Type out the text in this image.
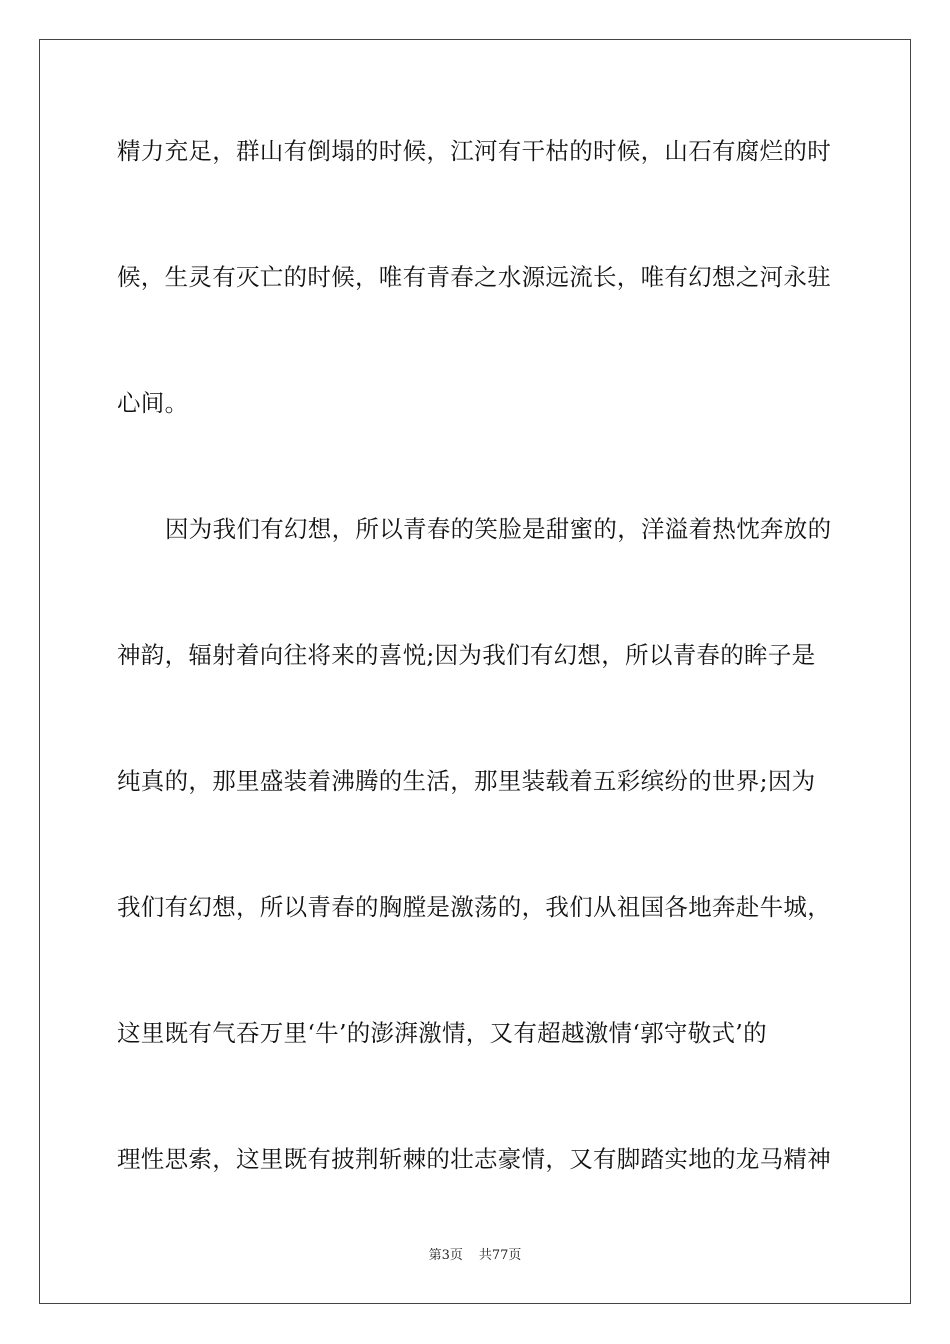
精力充足，群山有倒塌的时候，江河有干枯的时候，山石有腐烂的时
候，生灵有灭亡的时候，唯有青春之水源远流长，唯有幻想之河永驻
心间。
因为我们有幻想，所以青春的笑脸是甜蜜的，洋溢着热忱奔放的
神韵，辐射着向往将来的喜悦;因为我们有幻想，所以青春的眸子是
纯真的，那里盛装着沸腾的生活，那里装载着五彩缤纷的世界;因为
我们有幻想，所以青春的胸膛是激荡的，我们从祖国各地奔赴牛城，
这里既有气吞万里‘牛’的澎湃激情，又有超越激情‘郭守敬式’的
理性思索，这里既有披荆斩棘的壮志豪情，又有脚踏实地的龙马精神
第3页 共77页
